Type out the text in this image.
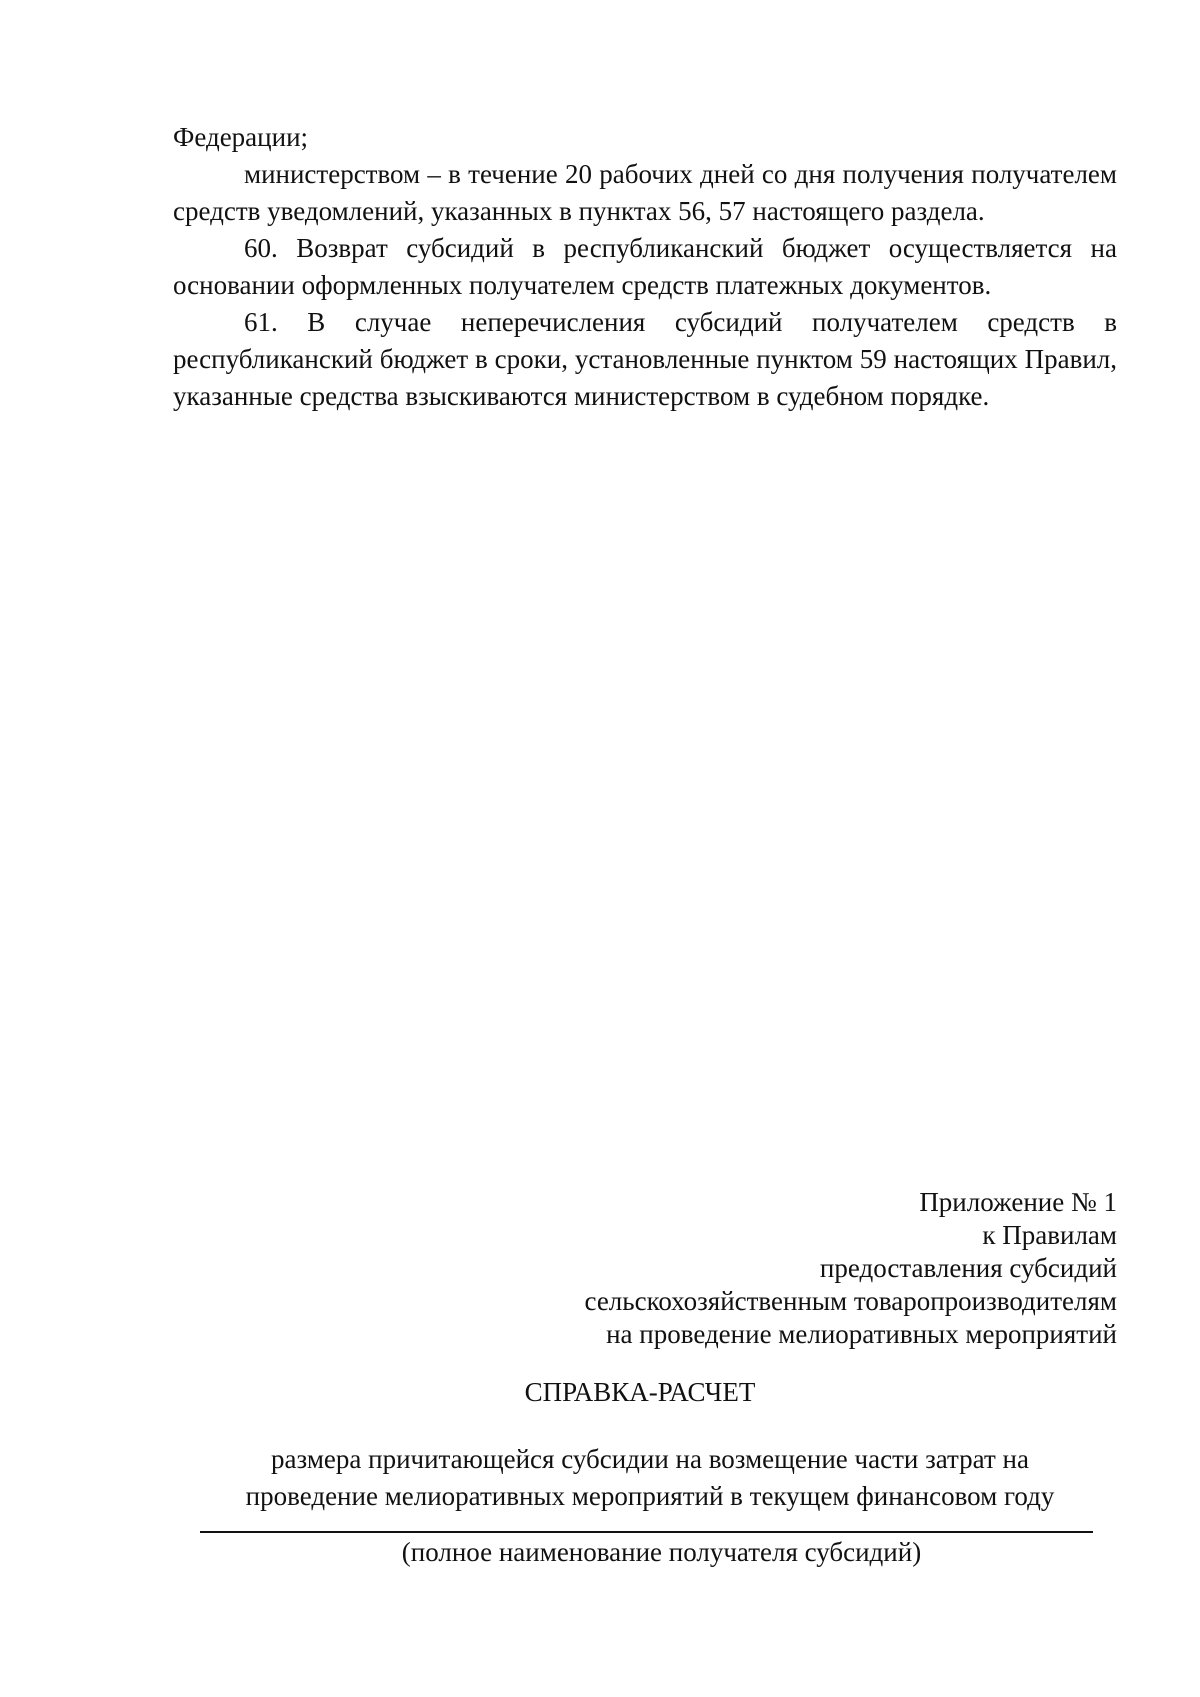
Федерации;

министерством – в течение 20 рабочих дней со дня получения получателем средств уведомлений, указанных в пунктах 56, 57 настоящего раздела.

60. Возврат субсидий в республиканский бюджет осуществляется на основании оформленных получателем средств платежных документов.

61. В случае неперечисления субсидий получателем средств в республиканский бюджет в сроки, установленные пунктом 59 настоящих Правил, указанные средства взыскиваются министерством в судебном порядке.

Приложение № 1
к Правилам
предоставления субсидий
сельскохозяйственным товаропроизводителям
на проведение мелиоративных мероприятий
СПРАВКА-РАСЧЕТ
размера причитающейся субсидии на возмещение части затрат на
проведение мелиоративных мероприятий в текущем финансовом году
(полное наименование получателя субсидий)
